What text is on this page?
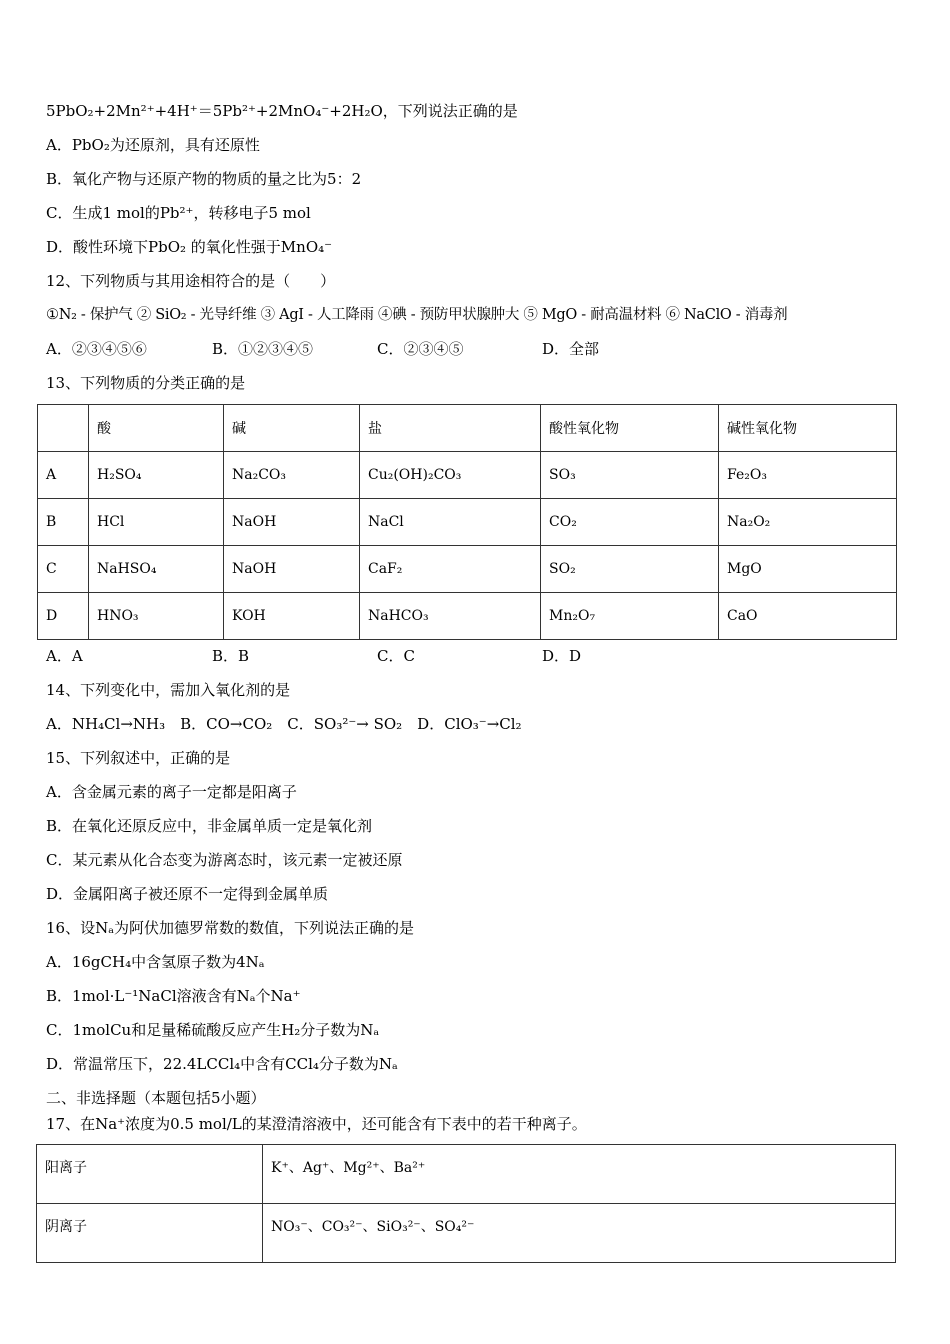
5PbO₂+2Mn²⁺+4H⁺＝5Pb²⁺+2MnO₄⁻+2H₂O，下列说法正确的是
A．PbO₂为还原剂，具有还原性
B．氧化产物与还原产物的物质的量之比为5：2
C．生成1 mol的Pb²⁺，转移电子5 mol
D．酸性环境下PbO₂ 的氧化性强于MnO₄⁻
12、下列物质与其用途相符合的是（　　）
①N₂ - 保护气 ② SiO₂ - 光导纤维 ③ AgI - 人工降雨 ④碘 - 预防甲状腺肿大 ⑤ MgO - 耐高温材料 ⑥ NaClO - 消毒剂
A．②③④⑤⑥	B．①②③④⑤	C．②③④⑤	D．全部
13、下列物质的分类正确的是
	酸	碱	盐	酸性氧化物	碱性氧化物
A	H₂SO₄	Na₂CO₃	Cu₂(OH)₂CO₃	SO₃	Fe₂O₃
B	HCl	NaOH	NaCl	CO₂	Na₂O₂
C	NaHSO₄	NaOH	CaF₂	SO₂	MgO
D	HNO₃	KOH	NaHCO₃	Mn₂O₇	CaO
A．A	B．B	C．C	D．D
14、下列变化中，需加入氧化剂的是
A．NH₄Cl→NH₃　B．CO→CO₂　C．SO₃²⁻→ SO₂　D．ClO₃⁻→Cl₂
15、下列叙述中，正确的是
A．含金属元素的离子一定都是阳离子
B．在氧化还原反应中，非金属单质一定是氧化剂
C．某元素从化合态变为游离态时，该元素一定被还原
D．金属阳离子被还原不一定得到金属单质
16、设Nₐ为阿伏加德罗常数的数值，下列说法正确的是
A．16gCH₄中含氢原子数为4Nₐ
B．1mol·L⁻¹NaCl溶液含有Nₐ个Na⁺
C．1molCu和足量稀硫酸反应产生H₂分子数为Nₐ
D．常温常压下，22.4LCCl₄中含有CCl₄分子数为Nₐ
二、非选择题（本题包括5小题）
17、在Na⁺浓度为0.5 mol/L的某澄清溶液中，还可能含有下表中的若干种离子。
阳离子	K⁺、Ag⁺、Mg²⁺、Ba²⁺
阴离子	NO₃⁻、CO₃²⁻、SiO₃²⁻、SO₄²⁻
